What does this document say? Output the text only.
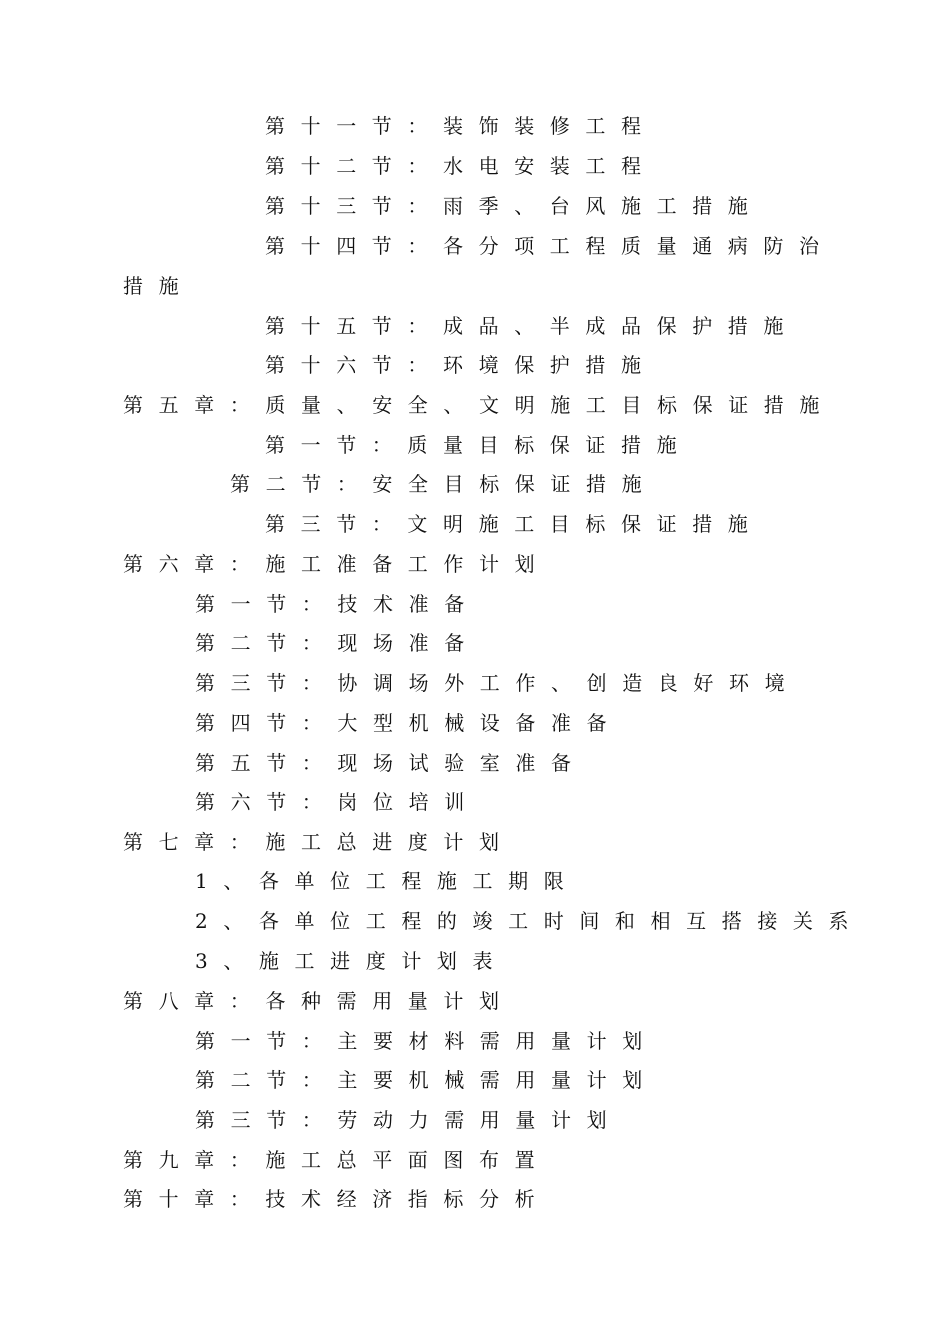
第十一节：装饰装修工程
第十二节：水电安装工程
第十三节：雨季、台风施工措施
第十四节：各分项工程质量通病防治
措施
第十五节：成品、半成品保护措施
第十六节：环境保护措施
第五章：质量、安全、文明施工目标保证措施
第一节：质量目标保证措施
第二节：安全目标保证措施
第三节：文明施工目标保证措施
第六章：施工准备工作计划
第一节：技术准备
第二节：现场准备
第三节：协调场外工作、创造良好环境
第四节：大型机械设备准备
第五节：现场试验室准备
第六节：岗位培训
第七章：施工总进度计划
1、各单位工程施工期限
2、各单位工程的竣工时间和相互搭接关系
3、施工进度计划表
第八章：各种需用量计划
第一节：主要材料需用量计划
第二节：主要机械需用量计划
第三节：劳动力需用量计划
第九章：施工总平面图布置
第十章：技术经济指标分析
